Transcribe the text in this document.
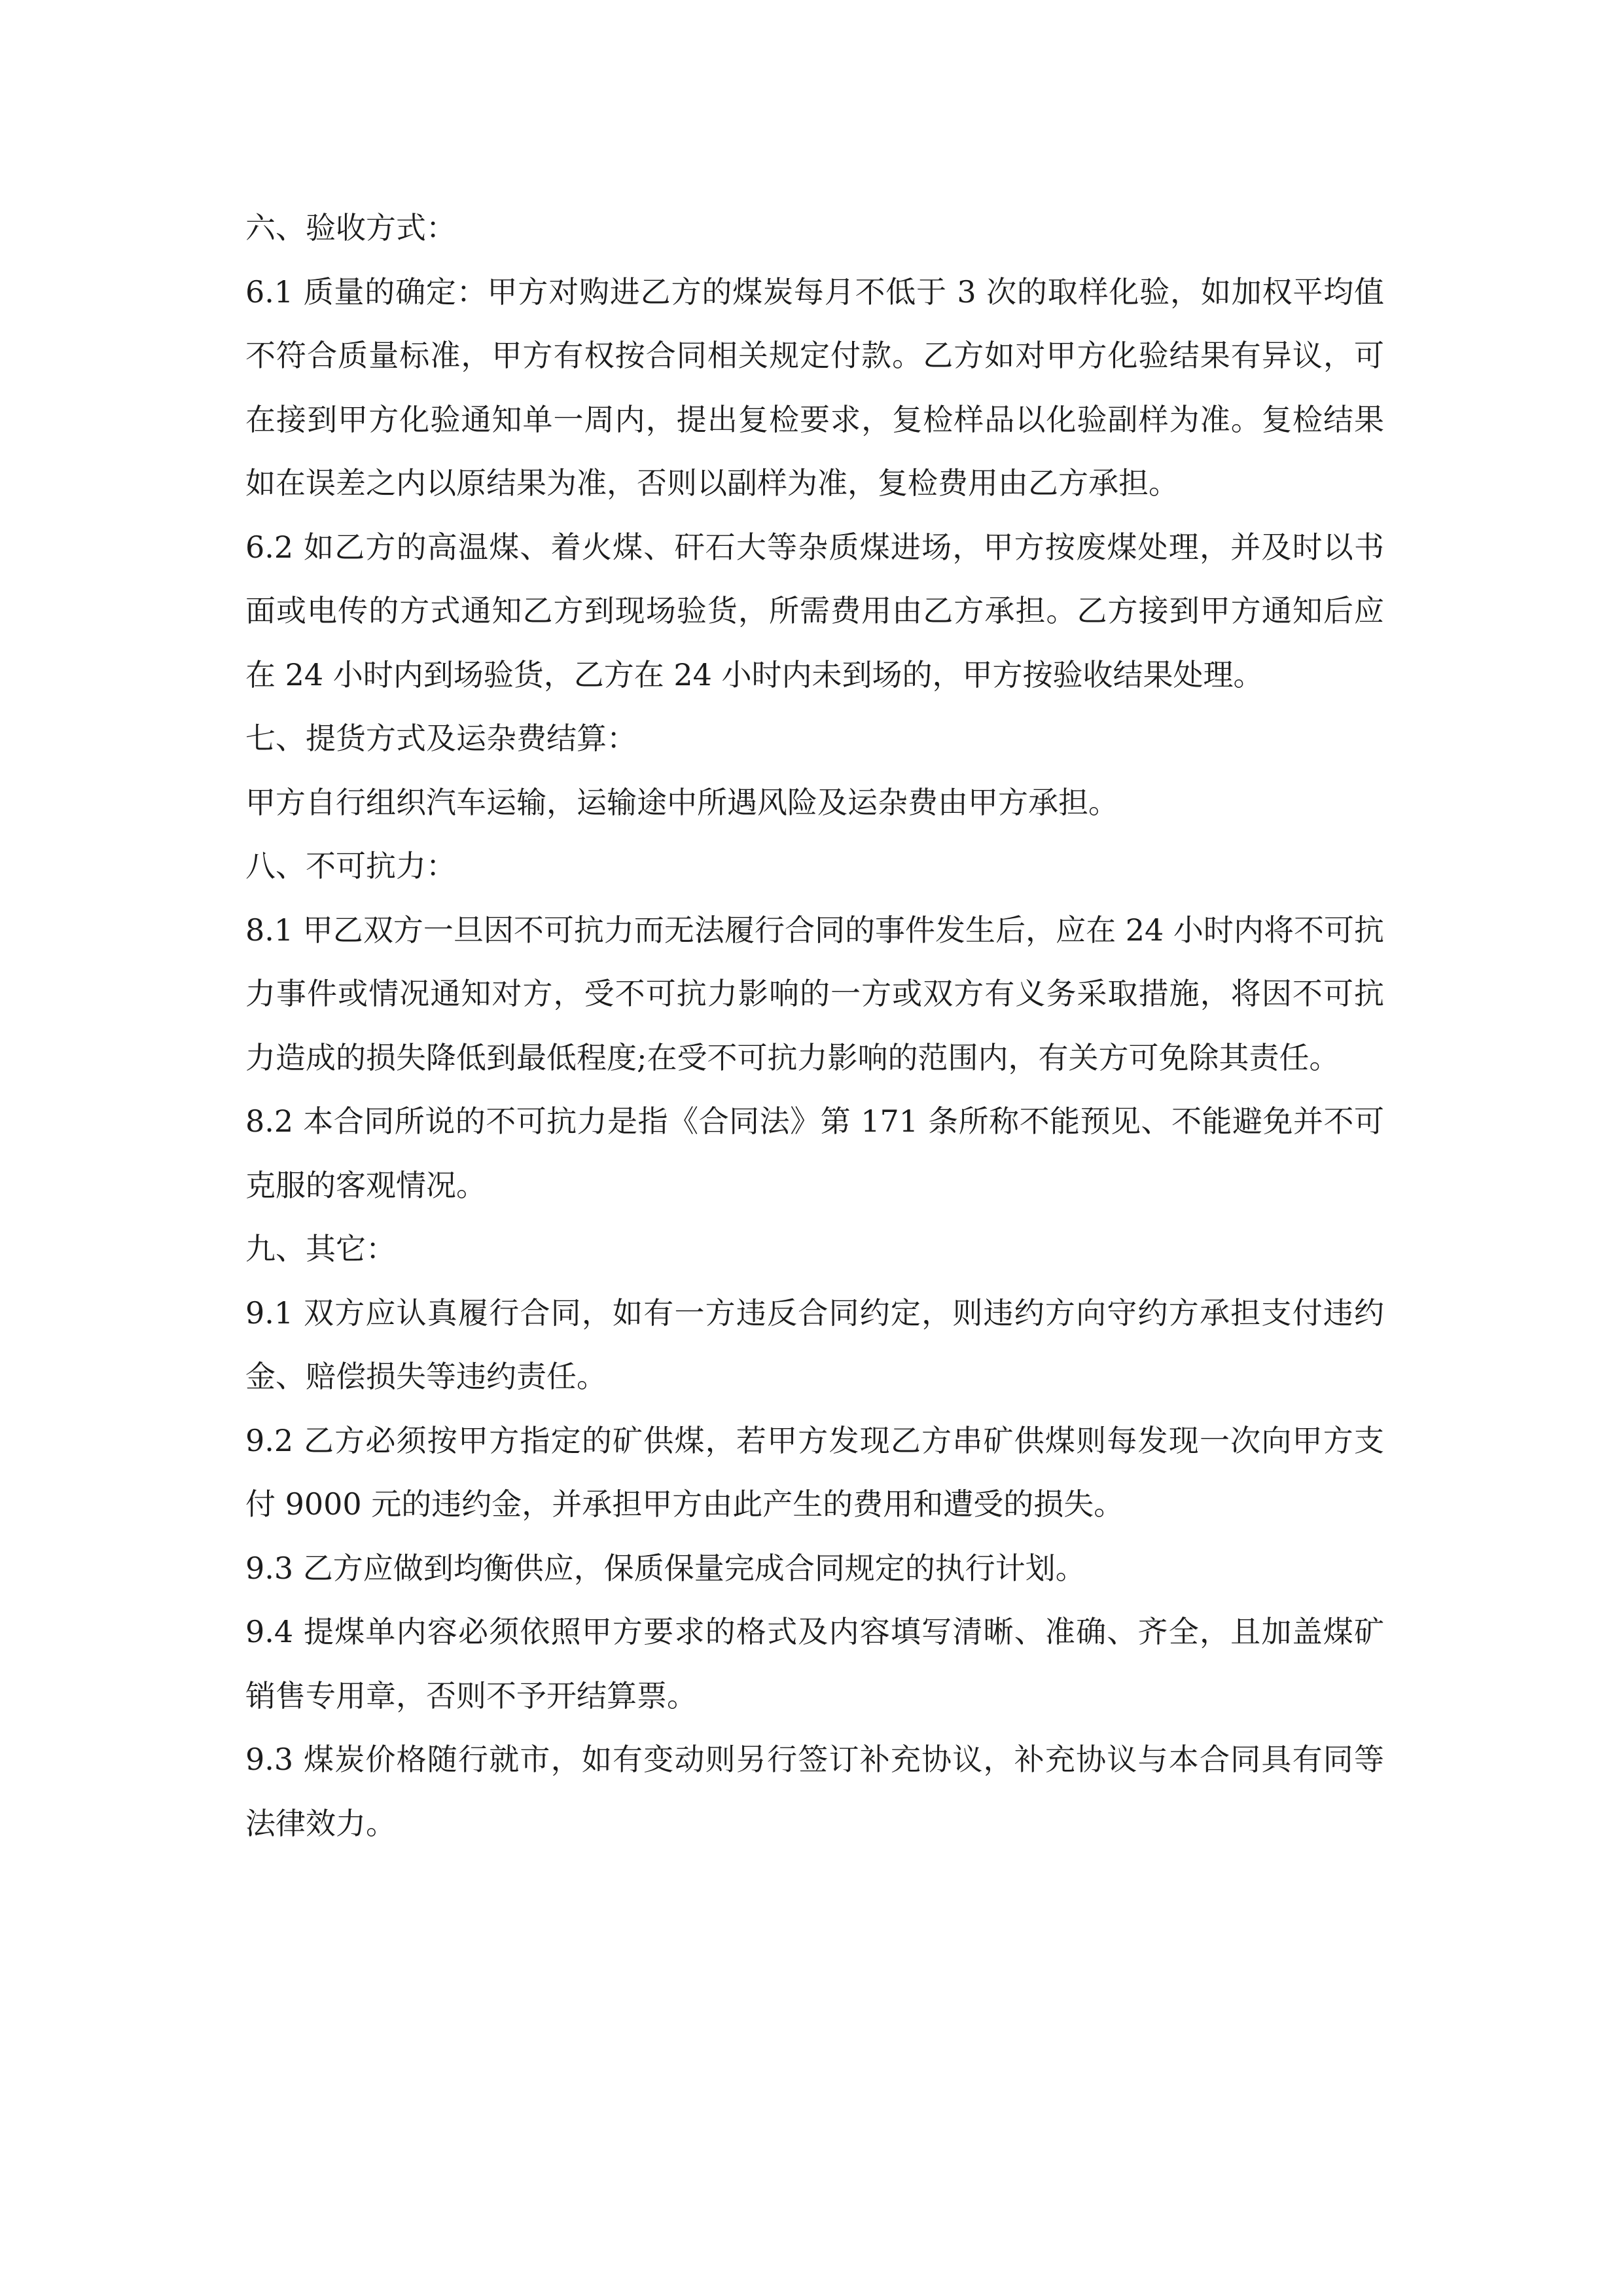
六、验收方式：

6.1 质量的确定：甲方对购进乙方的煤炭每月不低于 3 次的取样化验，如加权平均值不符合质量标准，甲方有权按合同相关规定付款。乙方如对甲方化验结果有异议，可在接到甲方化验通知单一周内，提出复检要求，复检样品以化验副样为准。复检结果如在误差之内以原结果为准，否则以副样为准，复检费用由乙方承担。

6.2 如乙方的高温煤、着火煤、矸石大等杂质煤进场，甲方按废煤处理，并及时以书面或电传的方式通知乙方到现场验货，所需费用由乙方承担。乙方接到甲方通知后应在 24 小时内到场验货，乙方在 24 小时内未到场的，甲方按验收结果处理。

七、提货方式及运杂费结算：

甲方自行组织汽车运输，运输途中所遇风险及运杂费由甲方承担。

八、不可抗力：

8.1 甲乙双方一旦因不可抗力而无法履行合同的事件发生后，应在 24 小时内将不可抗力事件或情况通知对方，受不可抗力影响的一方或双方有义务采取措施，将因不可抗力造成的损失降低到最低程度;在受不可抗力影响的范围内，有关方可免除其责任。

8.2 本合同所说的不可抗力是指《合同法》第 171 条所称不能预见、不能避免并不可克服的客观情况。

九、其它：

9.1 双方应认真履行合同，如有一方违反合同约定，则违约方向守约方承担支付违约金、赔偿损失等违约责任。

9.2 乙方必须按甲方指定的矿供煤，若甲方发现乙方串矿供煤则每发现一次向甲方支付 9000 元的违约金，并承担甲方由此产生的费用和遭受的损失。

9.3 乙方应做到均衡供应，保质保量完成合同规定的执行计划。

9.4 提煤单内容必须依照甲方要求的格式及内容填写清晰、准确、齐全，且加盖煤矿销售专用章，否则不予开结算票。

9.3 煤炭价格随行就市，如有变动则另行签订补充协议，补充协议与本合同具有同等法律效力。
